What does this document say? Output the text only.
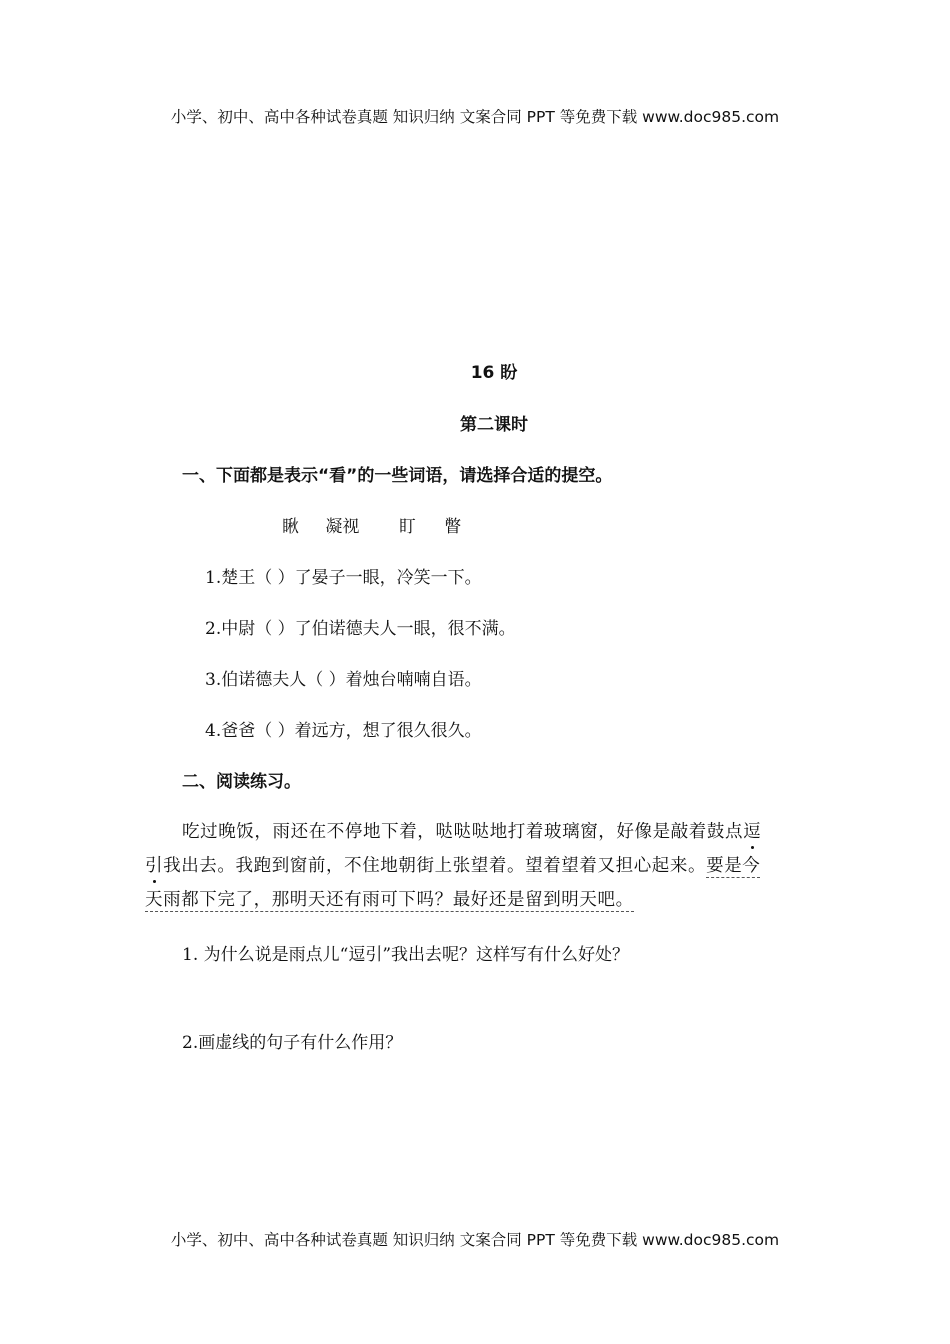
小学、初中、高中各种试卷真题 知识归纳 文案合同 PPT 等免费下载 www.doc985.com
16 盼
第二课时
一、下面都是表示“看”的一些词语，请选择合适的提空。
瞅 凝视 盯 瞥
1.楚王（ ）了晏子一眼，冷笑一下。
2.中尉（ ）了伯诺德夫人一眼，很不满。
3.伯诺德夫人（ ）着烛台喃喃自语。
4.爸爸（ ）着远方，想了很久很久。
二、阅读练习。
吃过晚饭，雨还在不停地下着，哒哒哒地打着玻璃窗，好像是敲着鼓点逗
引我出去。我跑到窗前，不住地朝街上张望着。望着望着又担心起来。要是今
天雨都下完了，那明天还有雨可下吗？最好还是留到明天吧。
1. 为什么说是雨点儿“逗引”我出去呢？这样写有什么好处？
2.画虚线的句子有什么作用？
小学、初中、高中各种试卷真题 知识归纳 文案合同 PPT 等免费下载 www.doc985.com
